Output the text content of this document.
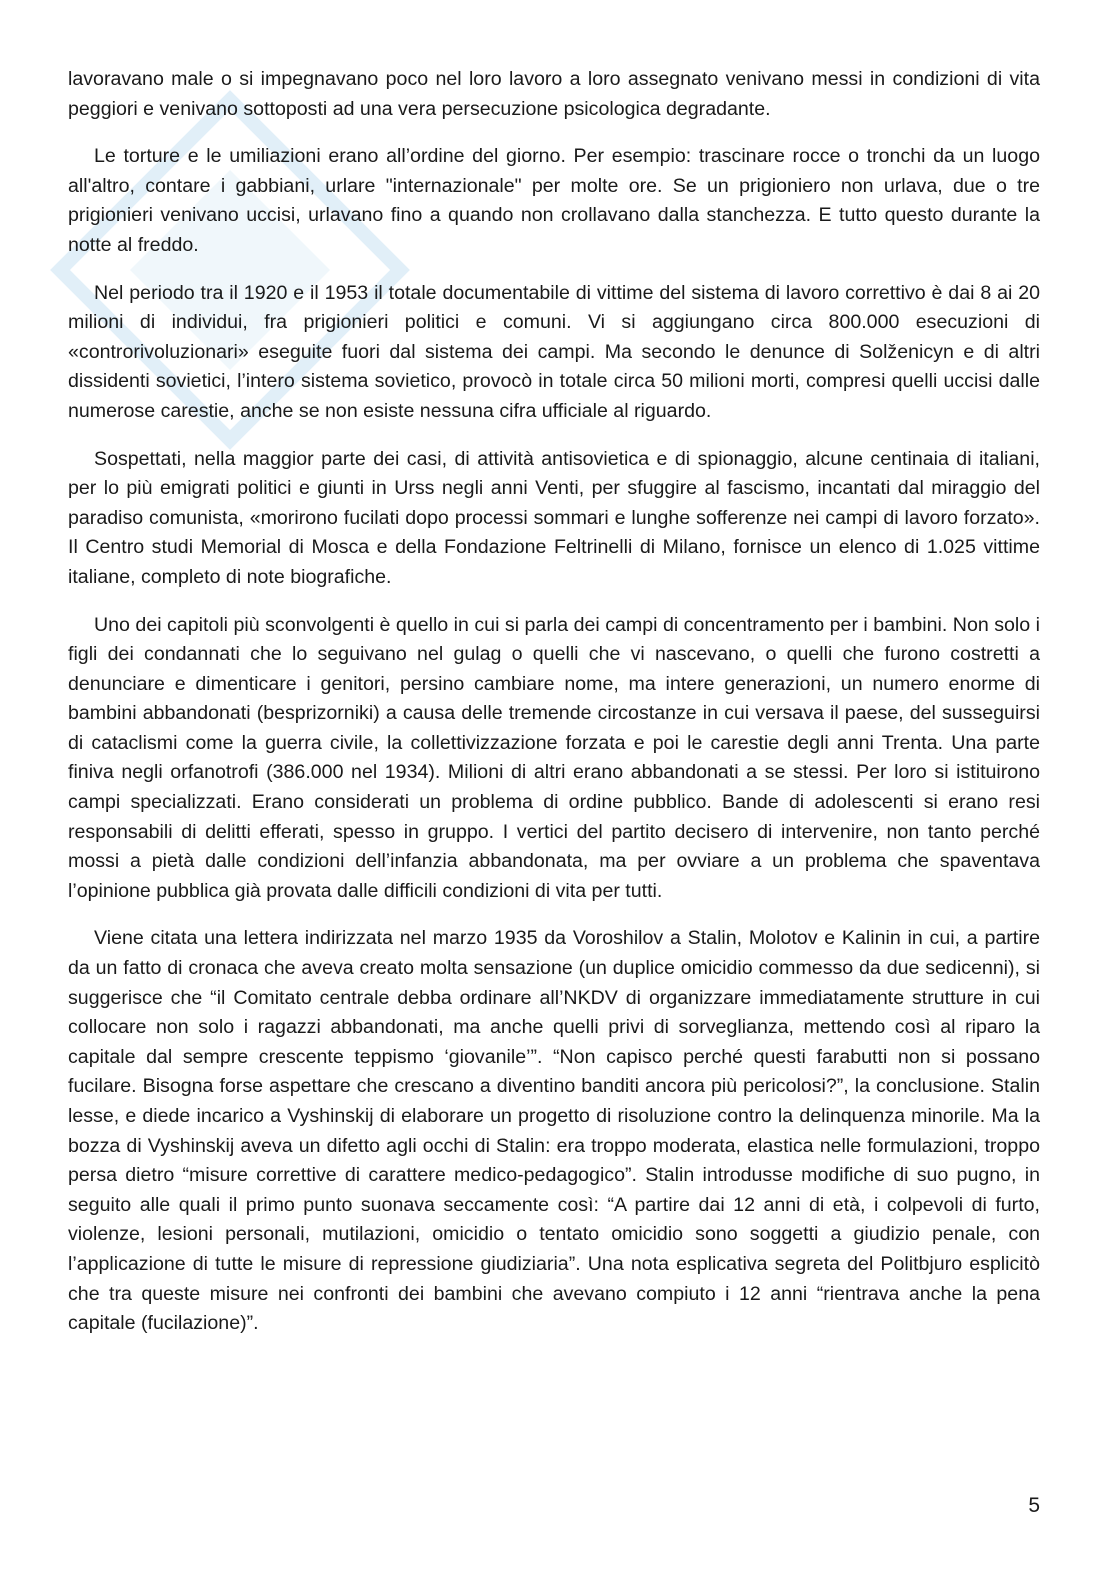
lavoravano male o si impegnavano poco nel loro lavoro a loro assegnato venivano messi in condizioni di vita peggiori e venivano sottoposti ad una vera persecuzione psicologica degradante.

Le torture e le umiliazioni erano all’ordine del giorno. Per esempio: trascinare rocce o tronchi da un luogo all'altro, contare i gabbiani, urlare "internazionale" per molte ore. Se un prigioniero non urlava, due o tre prigionieri venivano uccisi, urlavano fino a quando non crollavano dalla stanchezza. E tutto questo durante la notte al freddo.

Nel periodo tra il 1920 e il 1953 il totale documentabile di vittime del sistema di lavoro correttivo è dai 8 ai 20 milioni di individui, fra prigionieri politici e comuni. Vi si aggiungano circa 800.000 esecuzioni di «controrivoluzionari» eseguite fuori dal sistema dei campi. Ma secondo le denunce di Solženicyn e di altri dissidenti sovietici, l’intero sistema sovietico, provocò in totale circa 50 milioni morti, compresi quelli uccisi dalle numerose carestie, anche se non esiste nessuna cifra ufficiale al riguardo.

Sospettati, nella maggior parte dei casi, di attività antisovietica e di spionaggio, alcune centinaia di italiani, per lo più emigrati politici e giunti in Urss negli anni Venti, per sfuggire al fascismo, incantati dal miraggio del paradiso comunista, «morirono fucilati dopo processi sommari e lunghe sofferenze nei campi di lavoro forzato». Il Centro studi Memorial di Mosca e della Fondazione Feltrinelli di Milano, fornisce un elenco di 1.025 vittime italiane, completo di note biografiche.

Uno dei capitoli più sconvolgenti è quello in cui si parla dei campi di concentramento per i bambini. Non solo i figli dei condannati che lo seguivano nel gulag o quelli che vi nascevano, o quelli che furono costretti a denunciare e dimenticare i genitori, persino cambiare nome, ma intere generazioni, un numero enorme di bambini abbandonati (besprizorniki) a causa delle tremende circostanze in cui versava il paese, del susseguirsi di cataclismi come la guerra civile, la collettivizzazione forzata e poi le carestie degli anni Trenta. Una parte finiva negli orfanotrofi (386.000 nel 1934). Milioni di altri erano abbandonati a se stessi. Per loro si istituirono campi specializzati. Erano considerati un problema di ordine pubblico. Bande di adolescenti si erano resi responsabili di delitti efferati, spesso in gruppo. I vertici del partito decisero di intervenire, non tanto perché mossi a pietà dalle condizioni dell’infanzia abbandonata, ma per ovviare a un problema che spaventava l’opinione pubblica già provata dalle difficili condizioni di vita per tutti.

Viene citata una lettera indirizzata nel marzo 1935 da Voroshilov a Stalin, Molotov e Kalinin in cui, a partire da un fatto di cronaca che aveva creato molta sensazione (un duplice omicidio commesso da due sedicenni), si suggerisce che “il Comitato centrale debba ordinare all’NKDV di organizzare immediatamente strutture in cui collocare non solo i ragazzi abbandonati, ma anche quelli privi di sorveglianza, mettendo così al riparo la capitale dal sempre crescente teppismo ‘giovanile’”. “Non capisco perché questi farabutti non si possano fucilare. Bisogna forse aspettare che crescano a diventino banditi ancora più pericolosi?”, la conclusione. Stalin lesse, e diede incarico a Vyshinskij di elaborare un progetto di risoluzione contro la delinquenza minorile. Ma la bozza di Vyshinskij aveva un difetto agli occhi di Stalin: era troppo moderata, elastica nelle formulazioni, troppo persa dietro “misure correttive di carattere medico-pedagogico”. Stalin introdusse modifiche di suo pugno, in seguito alle quali il primo punto suonava seccamente così: “A partire dai 12 anni di età, i colpevoli di furto, violenze, lesioni personali, mutilazioni, omicidio o tentato omicidio sono soggetti a giudizio penale, con l’applicazione di tutte le misure di repressione giudiziaria”. Una nota esplicativa segreta del Politbjuro esplicitò che tra queste misure nei confronti dei bambini che avevano compiuto i 12 anni “rientrava anche la pena capitale (fucilazione)”.

5
